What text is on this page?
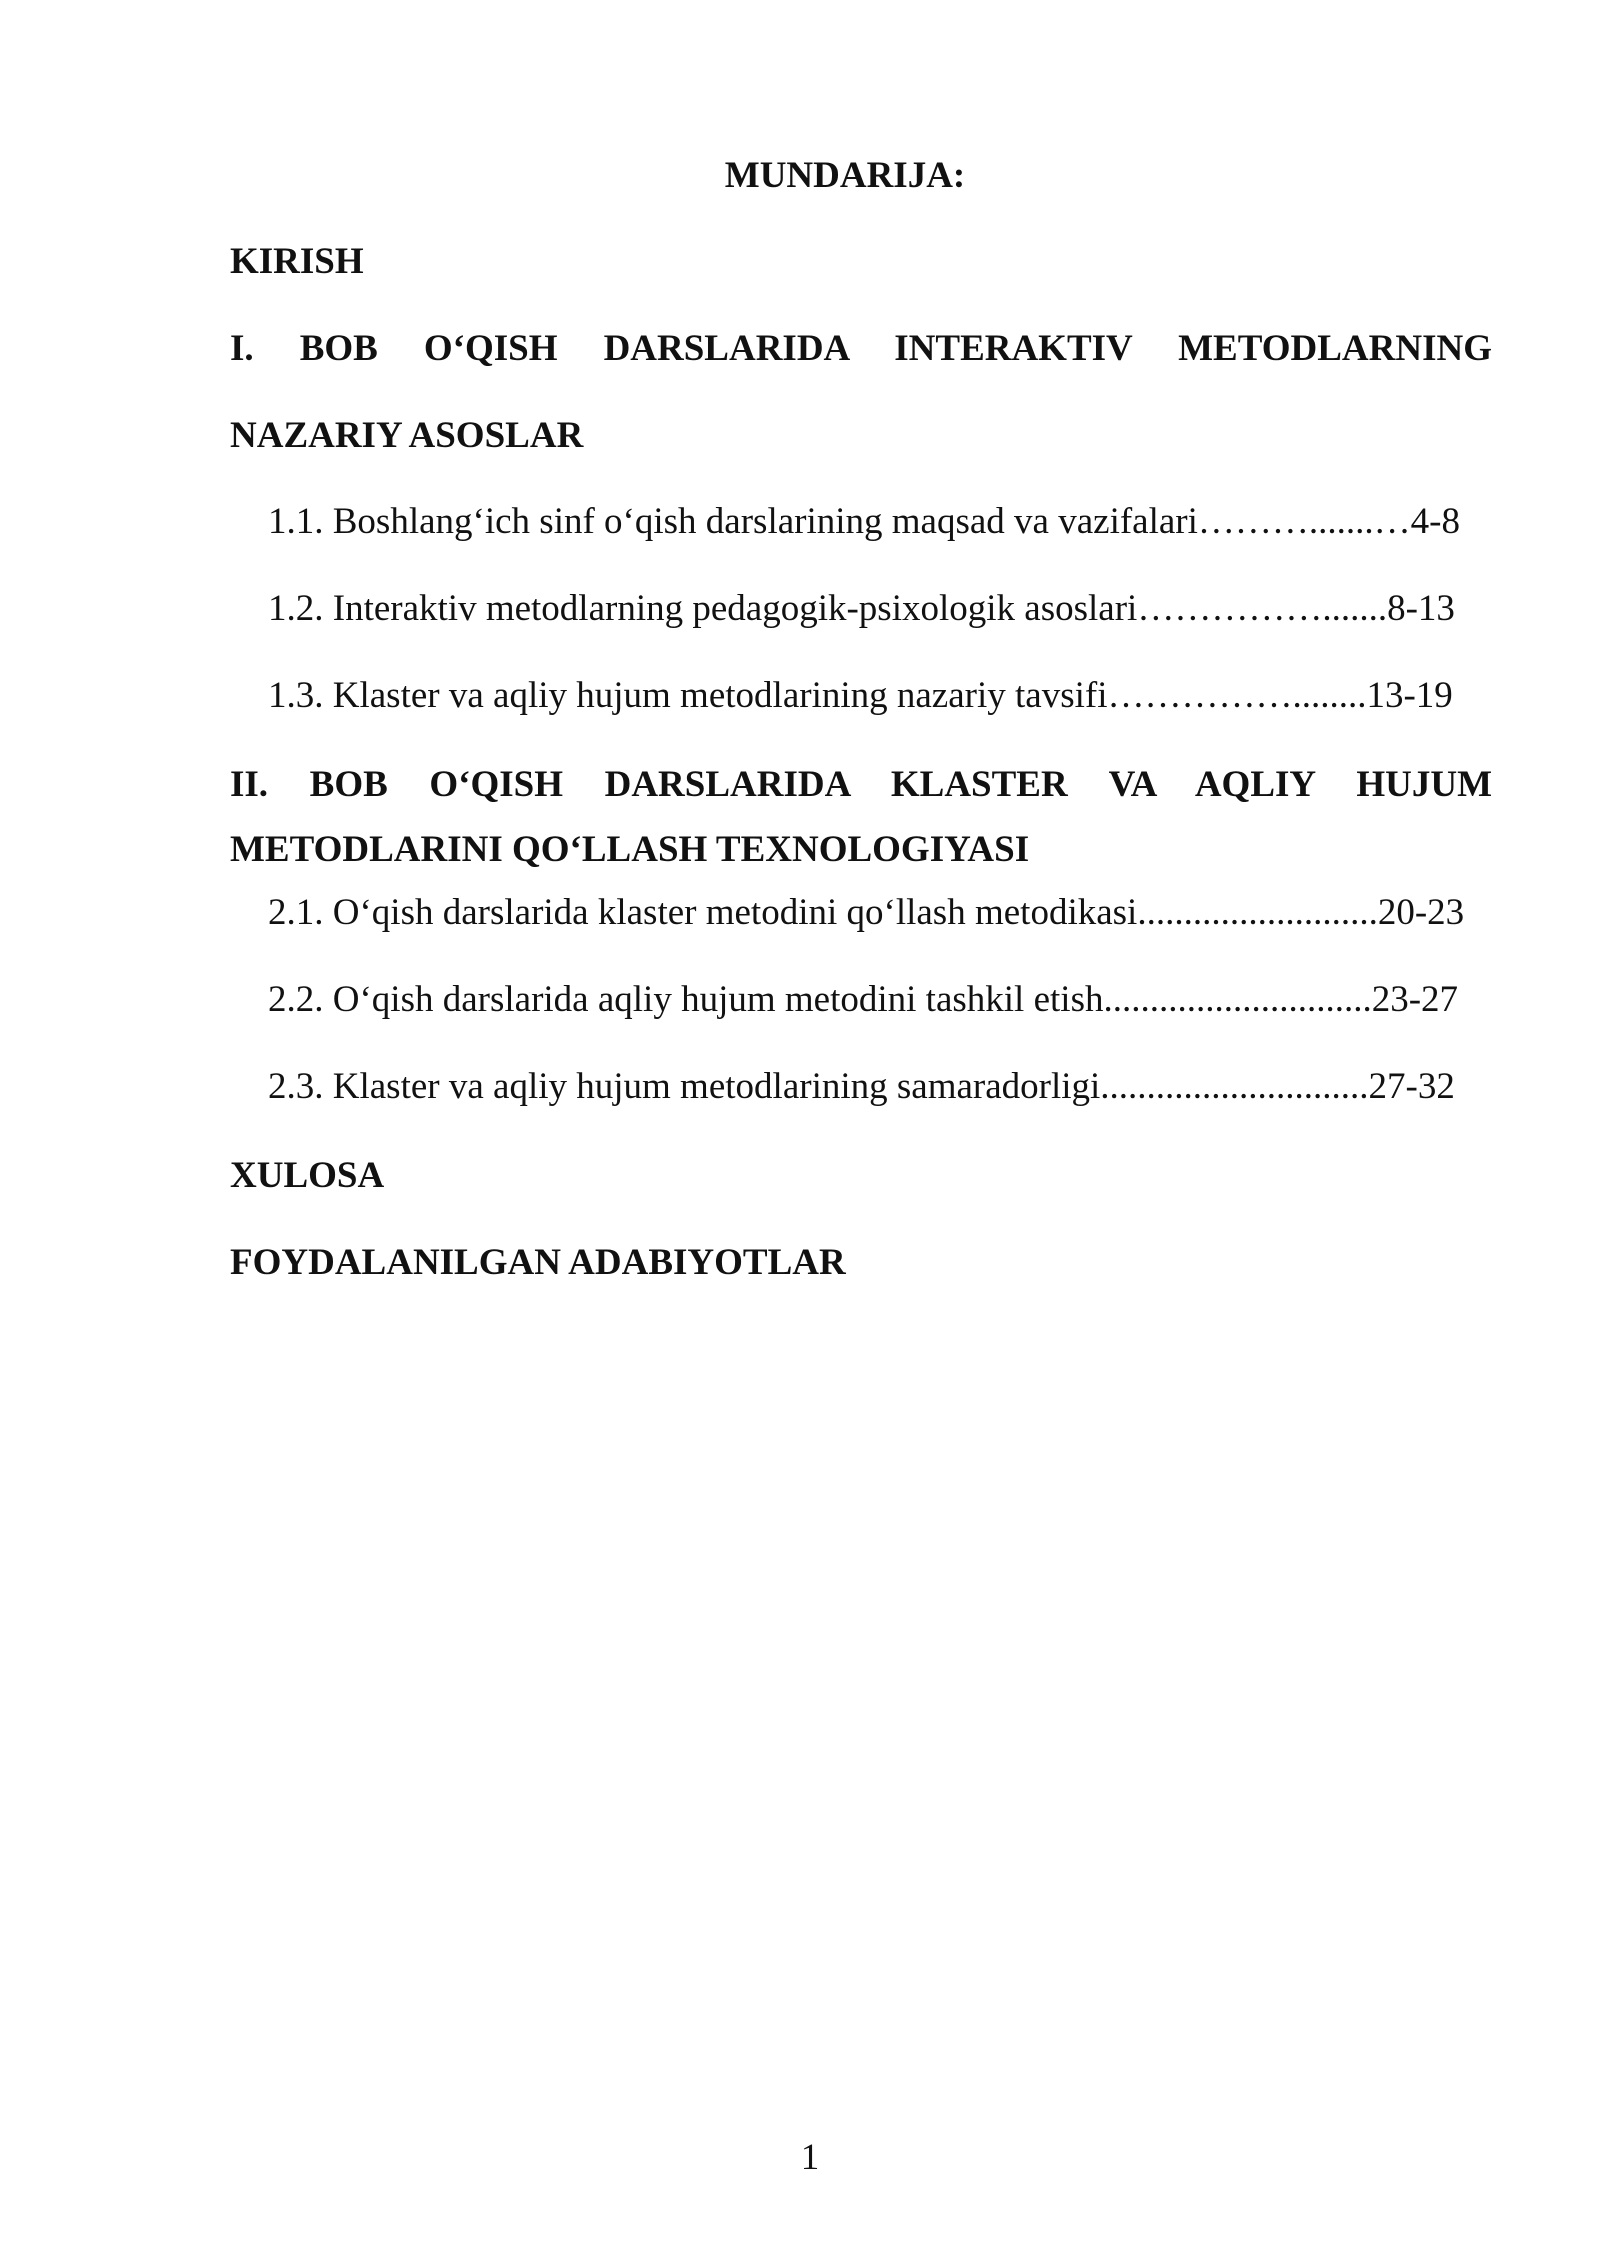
MUNDARIJA:
KIRISH
I. BOB O‘QISH DARSLARIDA INTERAKTIV METODLARNING
NAZARIY ASOSLAR
1.1. Boshlang‘ich sinf o‘qish darslarining maqsad va vazifalari……….......…4-8
1.2. Interaktiv metodlarning pedagogik-psixologik asoslari…………….......8-13
1.3. Klaster va aqliy hujum metodlarining nazariy tavsifi……………........13-19
II. BOB O‘QISH DARSLARIDA KLASTER VA AQLIY HUJUM
METODLARINI QO‘LLASH TEXNOLOGIYASI
2.1. O‘qish darslarida klaster metodini qo‘llash metodikasi..........................20-23
2.2. O‘qish darslarida aqliy hujum metodini tashkil etish.............................23-27
2.3. Klaster va aqliy hujum metodlarining samaradorligi.............................27-32
XULOSA
FOYDALANILGAN ADABIYOTLAR
1
